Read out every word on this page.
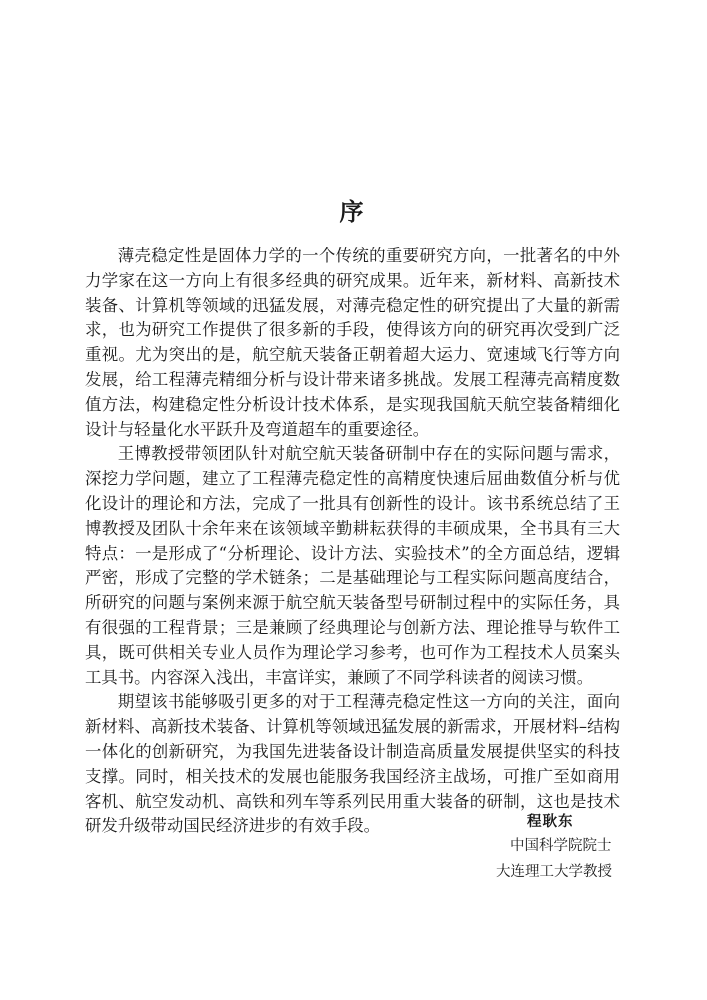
序

薄壳稳定性是固体力学的一个传统的重要研究方向，一批著名的中外力学家在这一方向上有很多经典的研究成果。近年来，新材料、高新技术装备、计算机等领域的迅猛发展，对薄壳稳定性的研究提出了大量的新需求，也为研究工作提供了很多新的手段，使得该方向的研究再次受到广泛重视。尤为突出的是，航空航天装备正朝着超大运力、宽速域飞行等方向发展，给工程薄壳精细分析与设计带来诸多挑战。发展工程薄壳高精度数值方法，构建稳定性分析设计技术体系，是实现我国航天航空装备精细化设计与轻量化水平跃升及弯道超车的重要途径。

王博教授带领团队针对航空航天装备研制中存在的实际问题与需求，深挖力学问题，建立了工程薄壳稳定性的高精度快速后屈曲数值分析与优化设计的理论和方法，完成了一批具有创新性的设计。该书系统总结了王博教授及团队十余年来在该领域辛勤耕耘获得的丰硕成果，全书具有三大特点：一是形成了“分析理论、设计方法、实验技术”的全方面总结，逻辑严密，形成了完整的学术链条；二是基础理论与工程实际问题高度结合，所研究的问题与案例来源于航空航天装备型号研制过程中的实际任务，具有很强的工程背景；三是兼顾了经典理论与创新方法、理论推导与软件工具，既可供相关专业人员作为理论学习参考，也可作为工程技术人员案头工具书。内容深入浅出，丰富详实，兼顾了不同学科读者的阅读习惯。

期望该书能够吸引更多的对于工程薄壳稳定性这一方向的关注，面向新材料、高新技术装备、计算机等领域迅猛发展的新需求，开展材料–结构一体化的创新研究，为我国先进装备设计制造高质量发展提供坚实的科技支撑。同时，相关技术的发展也能服务我国经济主战场，可推广至如商用客机、航空发动机、高铁和列车等系列民用重大装备的研制，这也是技术研发升级带动国民经济进步的有效手段。	程耿东
中国科学院院士
大连理工大学教授
